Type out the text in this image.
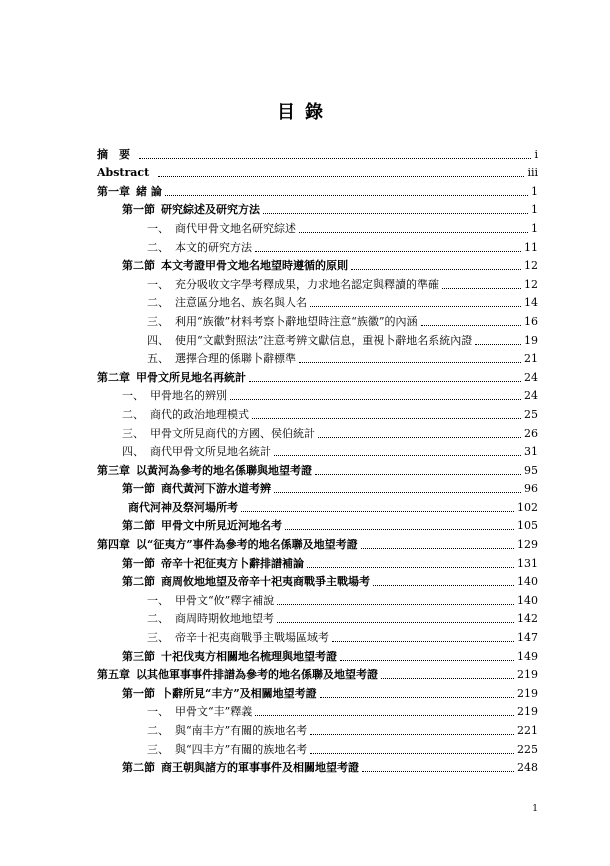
目錄
摘　要	i
Abstract	iii
第一章 緒 論	1
第一節 研究綜述及研究方法	1
一、 商代甲骨文地名研究綜述	1
二、 本文的研究方法	11
第二節 本文考證甲骨文地名地望時遵循的原則	12
一、 充分吸收文字學考釋成果，力求地名認定與釋讀的準確	12
二、 注意區分地名、族名與人名	14
三、 利用“族徽”材料考察卜辭地望時注意“族徽”的內涵	16
四、 使用“文獻對照法”注意考辨文獻信息，重視卜辭地名系統內證	19
五、 選擇合理的係聯卜辭標準	21
第二章 甲骨文所見地名再統計	24
一、 甲骨地名的辨別	24
二、 商代的政治地理模式	25
三、 甲骨文所見商代的方國、侯伯統計	26
四、 商代甲骨文所見地名統計	31
第三章 以黃河為參考的地名係聯與地望考證	95
第一節 商代黃河下游水道考辨	96
商代河神及祭河場所考	102
第二節 甲骨文中所見近河地名考	105
第四章 以“征夷方”事件為參考的地名係聯及地望考證	129
第一節 帝辛十祀征夷方卜辭排譜補論	131
第二節 商周攸地地望及帝辛十祀夷商戰爭主戰場考	140
一、 甲骨文“攸”釋字補說	140
二、 商周時期攸地地望考	142
三、 帝辛十祀夷商戰爭主戰場區域考	147
第三節 十祀伐夷方相關地名梳理與地望考證	149
第五章 以其他軍事事件排譜為參考的地名係聯及地望考證	219
第一節 卜辭所見“丰方”及相關地望考證	219
一、 甲骨文“丰”釋義	219
二、 與“南丰方”有關的族地名考	221
三、 與“四丰方”有關的族地名考	225
第二節 商王朝與諸方的軍事事件及相關地望考證	248
1
